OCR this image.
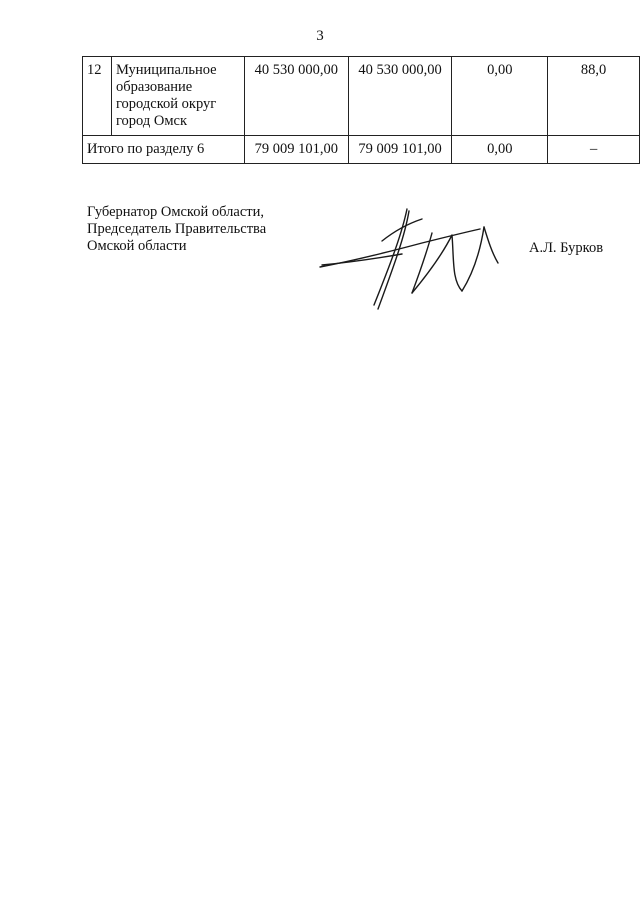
3
12	Муниципальное
образование
городской округ
город Омск	40 530 000,00	40 530 000,00	0,00	88,0
Итого по разделу 6		79 009 101,00	79 009 101,00	0,00	–
Губернатор Омской области,
Председатель Правительства
Омской области	А.Л. Бурков
